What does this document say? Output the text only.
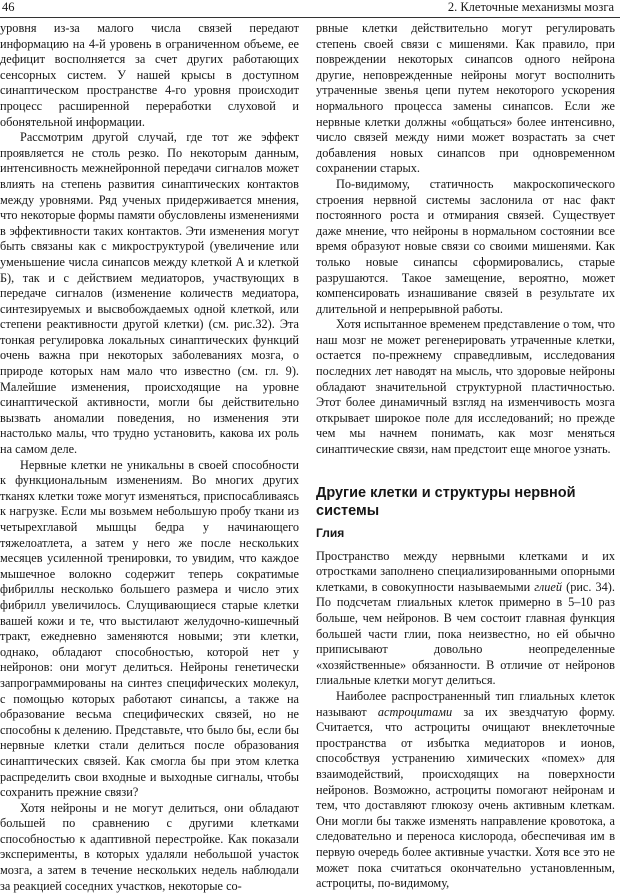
46	2. Клеточные механизмы мозга

уровня из-за малого числа связей передают информацию на 4-й уровень в ограниченном объеме, ее дефицит восполняется за счет других работающих сенсорных систем. У нашей крысы в доступном синаптическом пространстве 4-го уровня происходит процесс расширенной переработки слуховой и обонятельной информации.

Рассмотрим другой случай, где тот же эффект проявляется не столь резко. По некоторым данным, интенсивность межнейронной передачи сигналов может влиять на степень развития синаптических контактов между уровнями. Ряд ученых придерживается мнения, что некоторые формы памяти обусловлены изменениями в эффективности таких контактов. Эти изменения могут быть связаны как с микроструктурой (увеличение или уменьшение числа синапсов между клеткой А и клеткой Б), так и с действием медиаторов, участвующих в передаче сигналов (изменение количеств медиатора, синтезируемых и высвобождаемых одной клеткой, или степени реактивности другой клетки) (см. рис.32). Эта тонкая регулировка локальных синаптических функций очень важна при некоторых заболеваниях мозга, о природе которых нам мало что известно (см. гл. 9). Малейшие изменения, происходящие на уровне синаптической активности, могли бы действительно вызвать аномалии поведения, но изменения эти настолько малы, что трудно установить, какова их роль на самом деле.

Нервные клетки не уникальны в своей способности к функциональным изменениям. Во многих других тканях клетки тоже могут изменяться, приспосабливаясь к нагрузке. Если мы возьмем небольшую пробу ткани из четырехглавой мышцы бедра у начинающего тяжелоатлета, а затем у него же после нескольких месяцев усиленной тренировки, то увидим, что каждое мышечное волокно содержит теперь сократимые фибриллы несколько большего размера и число этих фибрилл увеличилось. Слущивающиеся старые клетки вашей кожи и те, что выстилают желудочно-кишечный тракт, ежедневно заменяются новыми; эти клетки, однако, обладают способностью, которой нет у нейронов: они могут делиться. Нейроны генетически запрограммированы на синтез специфических молекул, с помощью которых работают синапсы, а также на образование весьма специфических связей, но не способны к делению. Представьте, что было бы, если бы нервные клетки стали делиться после образования синаптических связей. Как смогла бы при этом клетка распределить свои входные и выходные сигналы, чтобы сохранить прежние связи?

Хотя нейроны и не могут делиться, они обладают большей по сравнению с другими клетками способностью к адаптивной перестройке. Как показали эксперименты, в которых удаляли небольшой участок мозга, а затем в течение нескольких недель наблюдали за реакцией соседних участков, некоторые со-

рвные клетки действительно могут регулировать степень своей связи с мишенями. Как правило, при повреждении некоторых синапсов одного нейрона другие, неповрежденные нейроны могут восполнить утраченные звенья цепи путем некоторого ускорения нормального процесса замены синапсов. Если же нервные клетки должны «общаться» более интенсивно, число связей между ними может возрастать за счет добавления новых синапсов при одновременном сохранении старых.

По-видимому, статичность макроскопического строения нервной системы заслонила от нас факт постоянного роста и отмирания связей. Существует даже мнение, что нейроны в нормальном состоянии все время образуют новые связи со своими мишенями. Как только новые синапсы сформировались, старые разрушаются. Такое замещение, вероятно, может компенсировать изнашивание связей в результате их длительной и непрерывной работы.

Хотя испытанное временем представление о том, что наш мозг не может регенерировать утраченные клетки, остается по-прежнему справедливым, исследования последних лет наводят на мысль, что здоровые нейроны обладают значительной структурной пластичностью. Этот более динамичный взгляд на изменчивость мозга открывает широкое поле для исследований; но прежде чем мы начнем понимать, как мозг меняться синаптические связи, нам предстоит еще многое узнать.

Другие клетки и структуры нервной системы
Глия

Пространство между нервными клетками и их отростками заполнено специализированными опорными клетками, в совокупности называемыми глией (рис. 34). По подсчетам глиальных клеток примерно в 5–10 раз больше, чем нейронов. В чем состоит главная функция большей части глии, пока неизвестно, но ей обычно приписывают довольно неопределенные «хозяйственные» обязанности. В отличие от нейронов глиальные клетки могут делиться.

Наиболее распространенный тип глиальных клеток называют астроцитами за их звездчатую форму. Считается, что астроциты очищают внеклеточные пространства от избытка медиаторов и ионов, способствуя устранению химических «помех» для взаимодействий, происходящих на поверхности нейронов. Возможно, астроциты помогают нейронам и тем, что доставляют глюкозу очень активным клеткам. Они могли бы также изменять направление кровотока, а следовательно и переноса кислорода, обеспечивая им в первую очередь более активные участки. Хотя все это не может пока считаться окончательно установленным, астроциты, по-видимому,
